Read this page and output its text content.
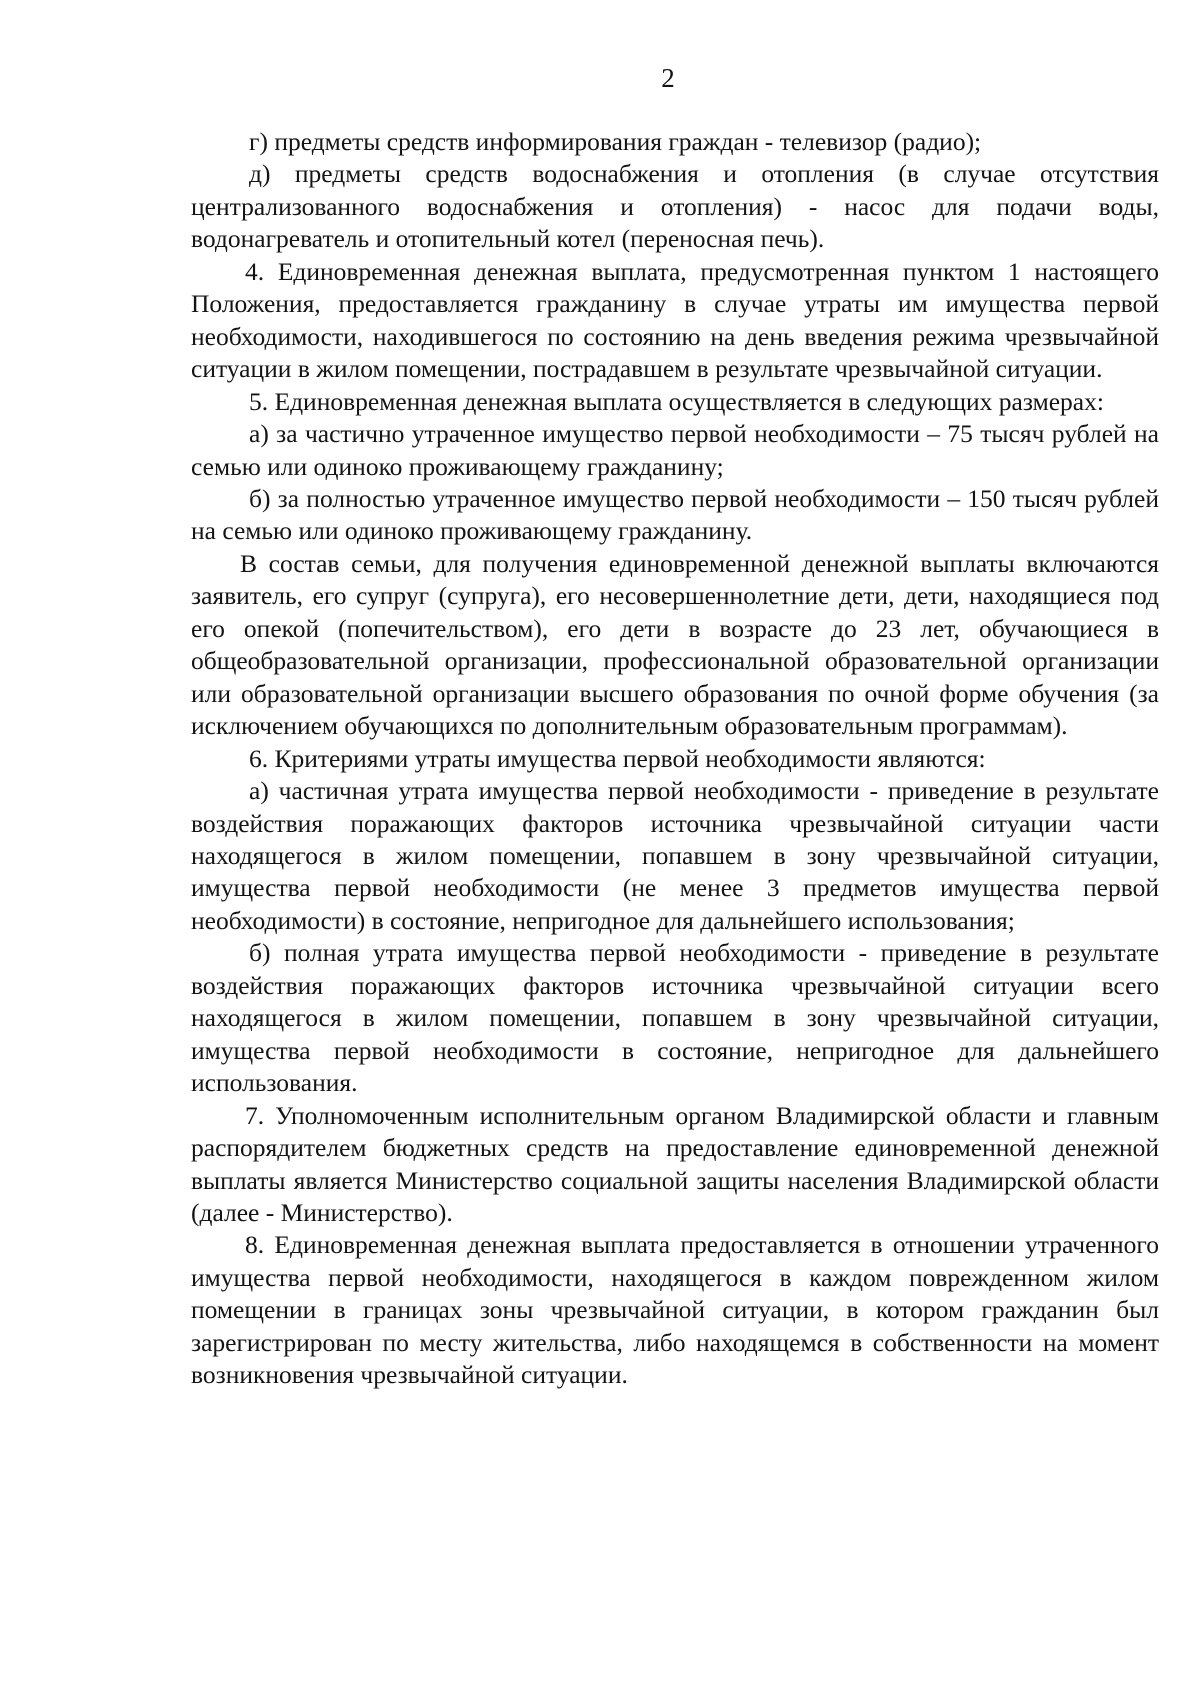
2

г) предметы средств информирования граждан - телевизор (радио);

д) предметы средств водоснабжения и отопления (в случае отсутствия централизованного водоснабжения и отопления) - насос для подачи воды, водонагреватель и отопительный котел (переносная печь).

4. Единовременная денежная выплата, предусмотренная пунктом 1 настоящего Положения, предоставляется гражданину в случае утраты им имущества первой необходимости, находившегося по состоянию на день введения режима чрезвычайной ситуации в жилом помещении, пострадавшем в результате чрезвычайной ситуации.

5. Единовременная денежная выплата осуществляется в следующих размерах:

а) за частично утраченное имущество первой необходимости – 75 тысяч рублей на семью или одиноко проживающему гражданину;

б) за полностью утраченное имущество первой необходимости – 150 тысяч рублей на семью или одиноко проживающему гражданину.

В состав семьи, для получения единовременной денежной выплаты включаются заявитель, его супруг (супруга), его несовершеннолетние дети, дети, находящиеся под его опекой (попечительством), его дети в возрасте до 23 лет, обучающиеся в общеобразовательной организации, профессиональной образовательной организации или образовательной организации высшего образования по очной форме обучения (за исключением обучающихся по дополнительным образовательным программам).

6. Критериями утраты имущества первой необходимости являются:

а) частичная утрата имущества первой необходимости - приведение в результате воздействия поражающих факторов источника чрезвычайной ситуации части находящегося в жилом помещении, попавшем в зону чрезвычайной ситуации, имущества первой необходимости (не менее 3 предметов имущества первой необходимости) в состояние, непригодное для дальнейшего использования;

б) полная утрата имущества первой необходимости - приведение в результате воздействия поражающих факторов источника чрезвычайной ситуации всего находящегося в жилом помещении, попавшем в зону чрезвычайной ситуации, имущества первой необходимости в состояние, непригодное для дальнейшего использования.

7. Уполномоченным исполнительным органом Владимирской области и главным распорядителем бюджетных средств на предоставление единовременной денежной выплаты является Министерство социальной защиты населения Владимирской области (далее - Министерство).

8. Единовременная денежная выплата предоставляется в отношении утраченного имущества первой необходимости, находящегося в каждом поврежденном жилом помещении в границах зоны чрезвычайной ситуации, в котором гражданин был зарегистрирован по месту жительства, либо находящемся в собственности на момент возникновения чрезвычайной ситуации.
